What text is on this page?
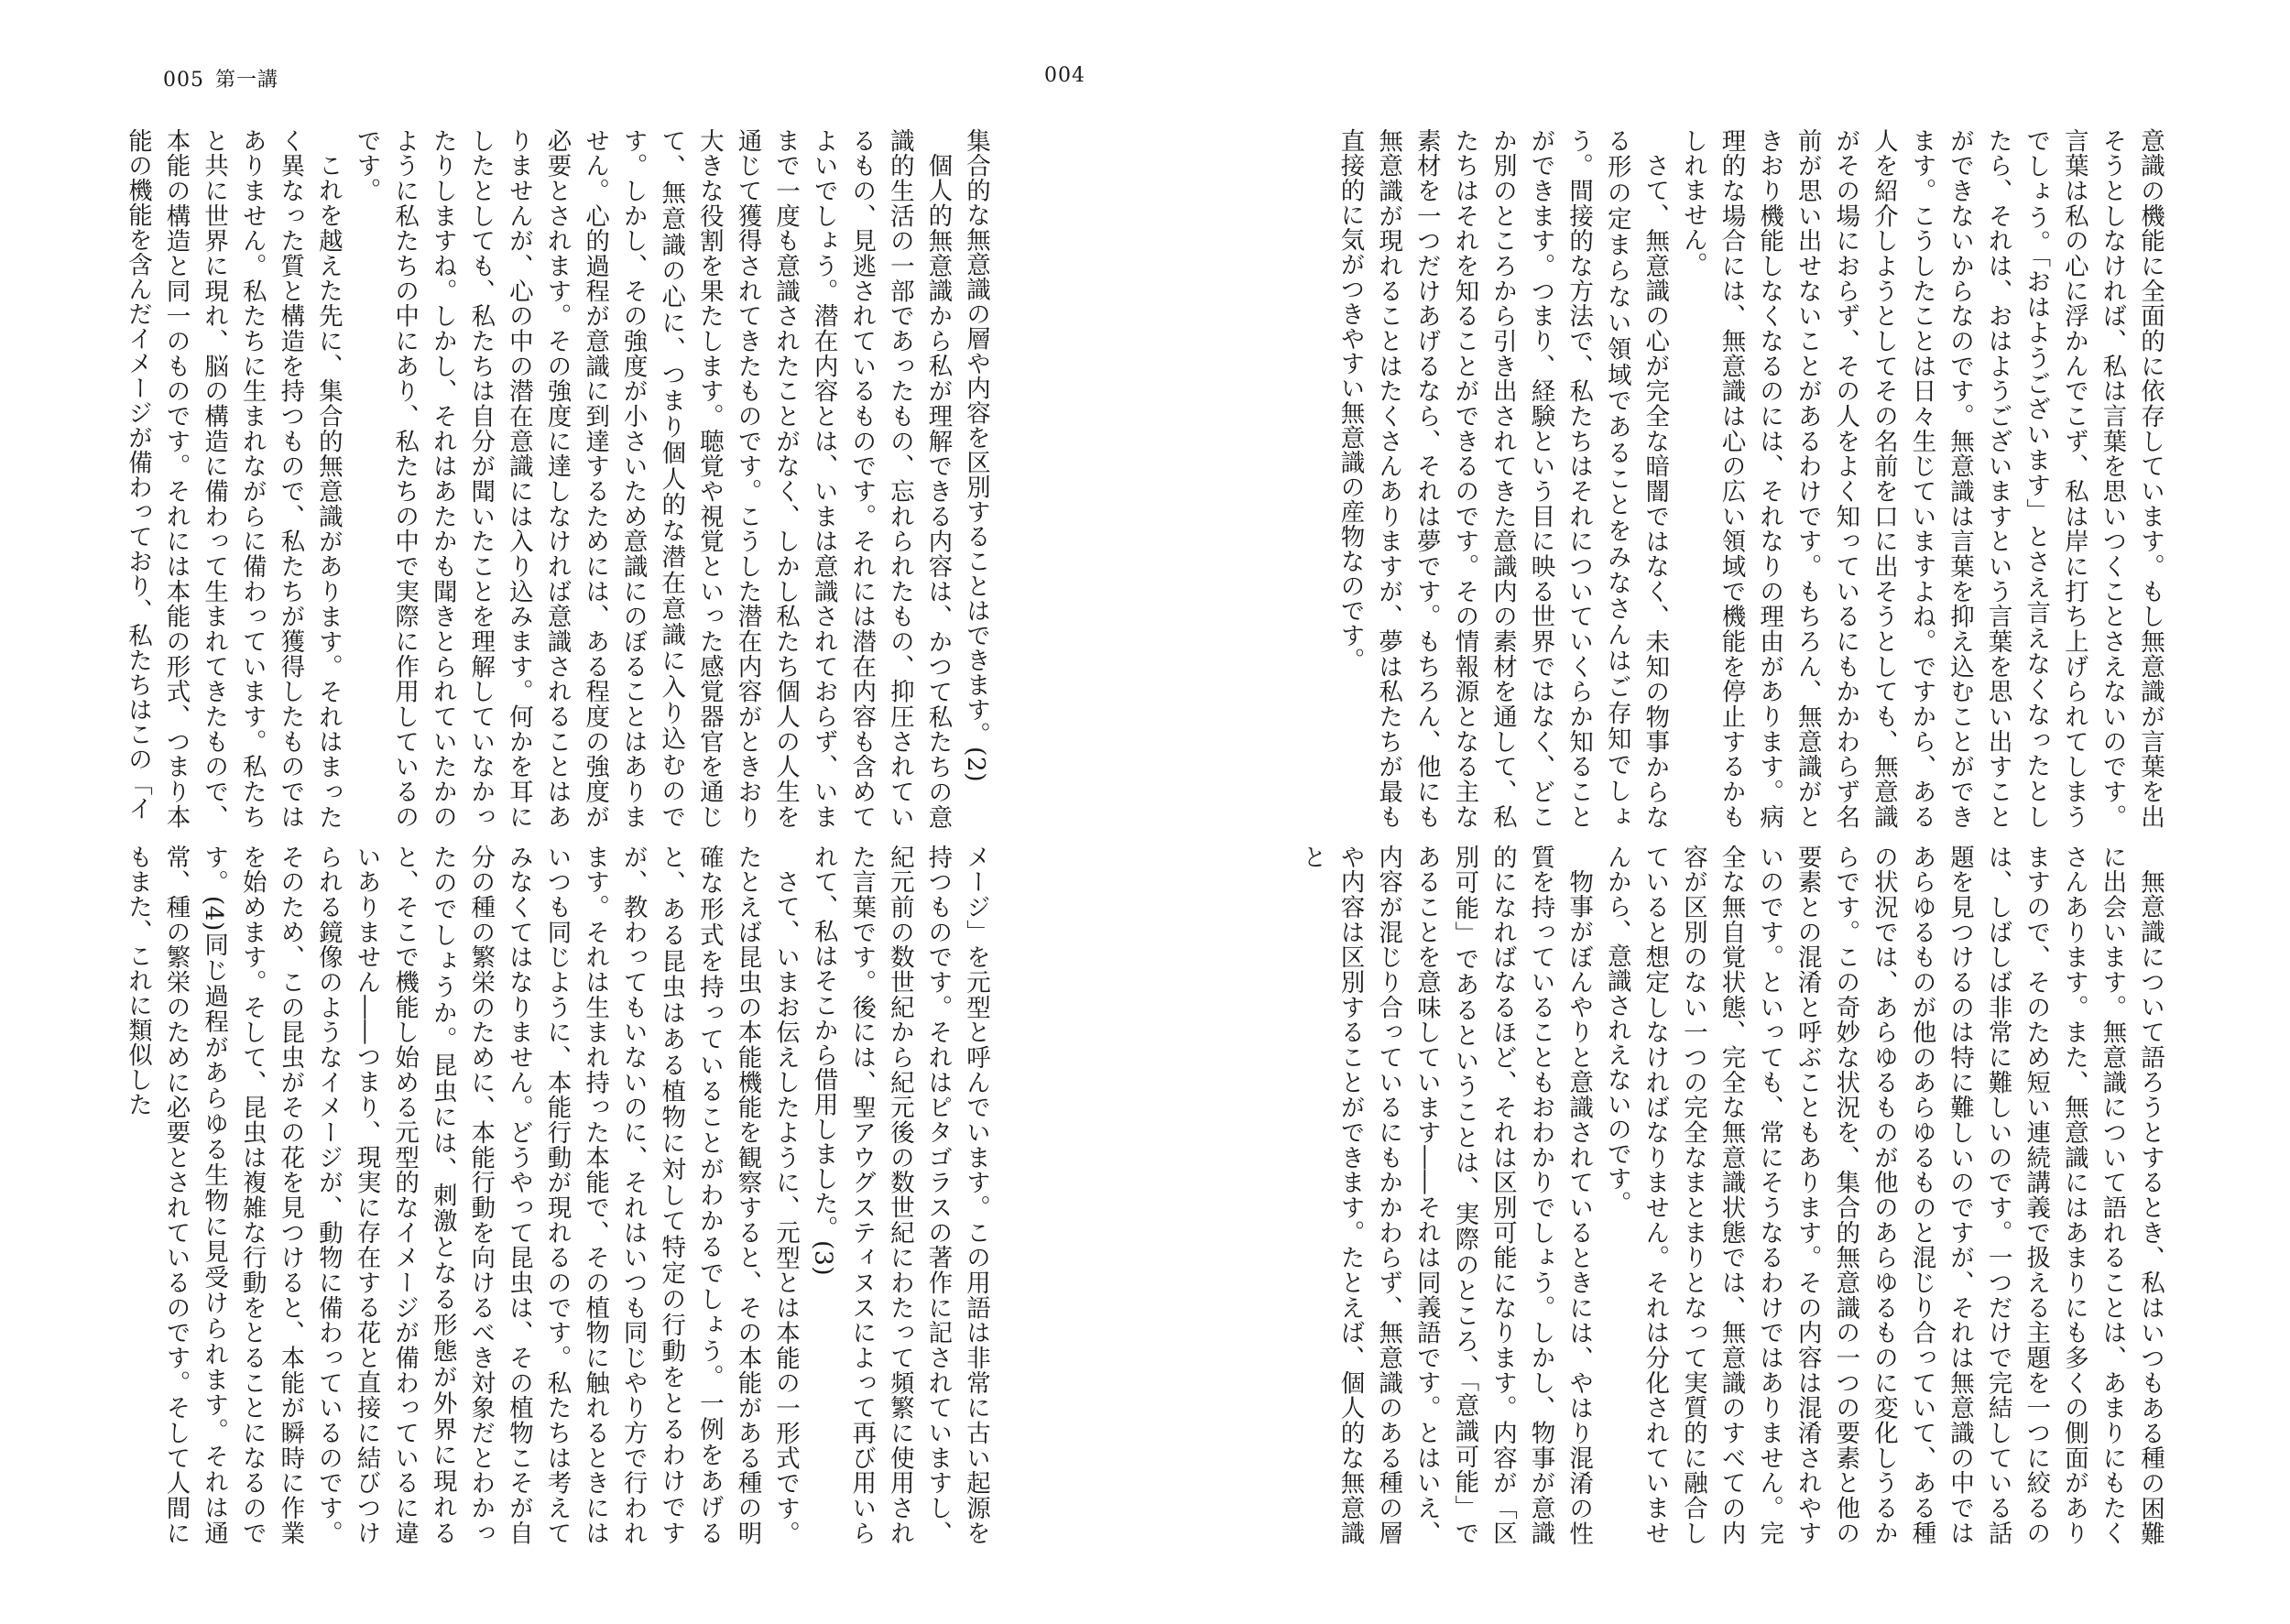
005 第一講

集合的な無意識の層や内容を区別することはできます。(2)

個人的無意識から私が理解できる内容は、かつて私たちの意識的生活の一部であったもの、忘れられたもの、抑圧されているもの、見逃されているものです。それには潜在内容も含めてよいでしょう。潜在内容とは、いまは意識されておらず、いままで一度も意識されたことがなく、しかし私たち個人の人生を通じて獲得されてきたものです。こうした潜在内容がときおり大きな役割を果たします。聴覚や視覚といった感覚器官を通じて、無意識の心に、つまり個人的な潜在意識に入り込むのです。しかし、その強度が小さいため意識にのぼることはありません。心的過程が意識に到達するためには、ある程度の強度が必要とされます。その強度に達しなければ意識されることはありませんが、心の中の潜在意識には入り込みます。何かを耳にしたとしても、私たちは自分が聞いたことを理解していなかったりしますね。しかし、それはあたかも聞きとられていたかのように私たちの中にあり、私たちの中で実際に作用しているのです。

これを越えた先に、集合的無意識があります。それはまったく異なった質と構造を持つもので、私たちが獲得したものではありません。私たちに生まれながらに備わっています。私たちと共に世界に現れ、脳の構造に備わって生まれてきたもので、本能の構造と同一のものです。それには本能の形式、つまり本能の機能を含んだイメージが備わっており、私たちはこの「イ

メージ」を元型と呼んでいます。この用語は非常に古い起源を持つものです。それはピタゴラスの著作に記されていますし、紀元前の数世紀から紀元後の数世紀にわたって頻繁に使用された言葉です。後には、聖アウグスティヌスによって再び用いられて、私はそこから借用しました。(3)

さて、いまお伝えしたように、元型とは本能の一形式です。たとえば昆虫の本能機能を観察すると、その本能がある種の明確な形式を持っていることがわかるでしょう。一例をあげると、ある昆虫はある植物に対して特定の行動をとるわけですが、教わってもいないのに、それはいつも同じやり方で行われます。それは生まれ持った本能で、その植物に触れるときにはいつも同じように、本能行動が現れるのです。私たちは考えてみなくてはなりません。どうやって昆虫は、その植物こそが自分の種の繁栄のために、本能行動を向けるべき対象だとわかったのでしょうか。昆虫には、刺激となる形態が外界に現れると、そこで機能し始める元型的なイメージが備わっているに違いありません――つまり、現実に存在する花と直接に結びつけられる鏡像のようなイメージが、動物に備わっているのです。そのため、この昆虫がその花を見つけると、本能が瞬時に作業を始めます。そして、昆虫は複雑な行動をとることになるのです。(4)同じ過程があらゆる生物に見受けられます。それは通常、種の繁栄のために必要とされているのです。そして人間にもまた、これに類似した

004

意識の機能に全面的に依存しています。もし無意識が言葉を出そうとしなければ、私は言葉を思いつくことさえないのです。言葉は私の心に浮かんでこず、私は岸に打ち上げられてしまうでしょう。「おはようございます」とさえ言えなくなったとしたら、それは、おはようございますという言葉を思い出すことができないからなのです。無意識は言葉を抑え込むことができます。こうしたことは日々生じていますよね。ですから、ある人を紹介しようとしてその名前を口に出そうとしても、無意識がその場におらず、その人をよく知っているにもかかわらず名前が思い出せないことがあるわけです。もちろん、無意識がときおり機能しなくなるのには、それなりの理由があります。病理的な場合には、無意識は心の広い領域で機能を停止するかもしれません。

さて、無意識の心が完全な暗闇ではなく、未知の物事からなる形の定まらない領域であることをみなさんはご存知でしょう。間接的な方法で、私たちはそれについていくらか知ることができます。つまり、経験という目に映る世界ではなく、どこか別のところから引き出されてきた意識内の素材を通して、私たちはそれを知ることができるのです。その情報源となる主な素材を一つだけあげるなら、それは夢です。もちろん、他にも無意識が現れることはたくさんありますが、夢は私たちが最も直接的に気がつきやすい無意識の産物なのです。

無意識について語ろうとするとき、私はいつもある種の困難に出会います。無意識について語れることは、あまりにもたくさんあります。また、無意識にはあまりにも多くの側面がありますので、そのため短い連続講義で扱える主題を一つに絞るのは、しばしば非常に難しいのです。一つだけで完結している話題を見つけるのは特に難しいのですが、それは無意識の中ではあらゆるものが他のあらゆるものと混じり合っていて、ある種の状況では、あらゆるものが他のあらゆるものに変化しうるからです。この奇妙な状況を、集合的無意識の一つの要素と他の要素との混淆と呼ぶこともあります。その内容は混淆されやすいのです。といっても、常にそうなるわけではありません。完全な無自覚状態、完全な無意識状態では、無意識のすべての内容が区別のない一つの完全なまとまりとなって実質的に融合していると想定しなければなりません。それは分化されていませんから、意識されえないのです。

物事がぼんやりと意識されているときには、やはり混淆の性質を持っていることもおわかりでしょう。しかし、物事が意識的になればなるほど、それは区別可能になります。内容が「区別可能」であるということは、実際のところ、「意識可能」であることを意味しています――それは同義語です。とはいえ、内容が混じり合っているにもかかわらず、無意識のある種の層や内容は区別することができます。たとえば、個人的な無意識と
